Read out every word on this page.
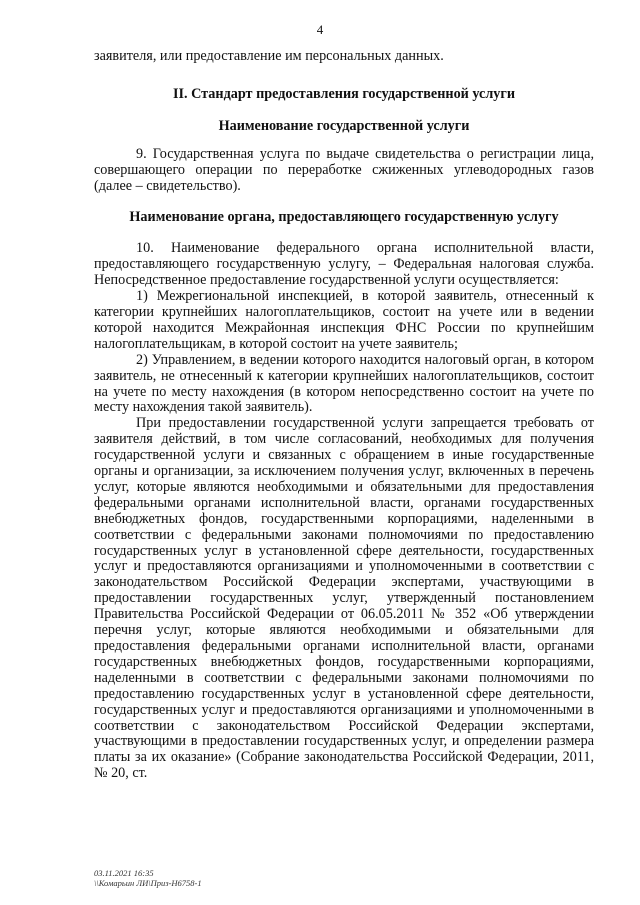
4

заявителя, или предоставление им персональных данных.

II. Стандарт предоставления государственной услуги

Наименование государственной услуги

9. Государственная услуга по выдаче свидетельства о регистрации лица, совершающего операции по переработке сжиженных углеводородных газов (далее – свидетельство).

Наименование органа, предоставляющего государственную услугу

10. Наименование федерального органа исполнительной власти, предоставляющего государственную услугу, – Федеральная налоговая служба. Непосредственное предоставление государственной услуги осуществляется:

1) Межрегиональной инспекцией, в которой заявитель, отнесенный к категории крупнейших налогоплательщиков, состоит на учете или в ведении которой находится Межрайонная инспекция ФНС России по крупнейшим налогоплательщикам, в которой состоит на учете заявитель;

2) Управлением, в ведении которого находится налоговый орган, в котором заявитель, не отнесенный к категории крупнейших налогоплательщиков, состоит на учете по месту нахождения (в котором непосредственно состоит на учете по месту нахождения такой заявитель).

При предоставлении государственной услуги запрещается требовать от заявителя действий, в том числе согласований, необходимых для получения государственной услуги и связанных с обращением в иные государственные органы и организации, за исключением получения услуг, включенных в перечень услуг, которые являются необходимыми и обязательными для предоставления федеральными органами исполнительной власти, органами государственных внебюджетных фондов, государственными корпорациями, наделенными в соответствии с федеральными законами полномочиями по предоставлению государственных услуг в установленной сфере деятельности, государственных услуг и предоставляются организациями и уполномоченными в соответствии с законодательством Российской Федерации экспертами, участвующими в предоставлении государственных услуг, утвержденный постановлением Правительства Российской Федерации от 06.05.2011 № 352 «Об утверждении перечня услуг, которые являются необходимыми и обязательными для предоставления федеральными органами исполнительной власти, органами государственных внебюджетных фондов, государственными корпорациями, наделенными в соответствии с федеральными законами полномочиями по предоставлению государственных услуг в установленной сфере деятельности, государственных услуг и предоставляются организациями и уполномоченными в соответствии с законодательством Российской Федерации экспертами, участвующими в предоставлении государственных услуг, и определении размера платы за их оказание» (Собрание законодательства Российской Федерации, 2011, № 20, ст.

03.11.2021 16:35
\\Комарьин ЛИ\Приз-Н6758-1
